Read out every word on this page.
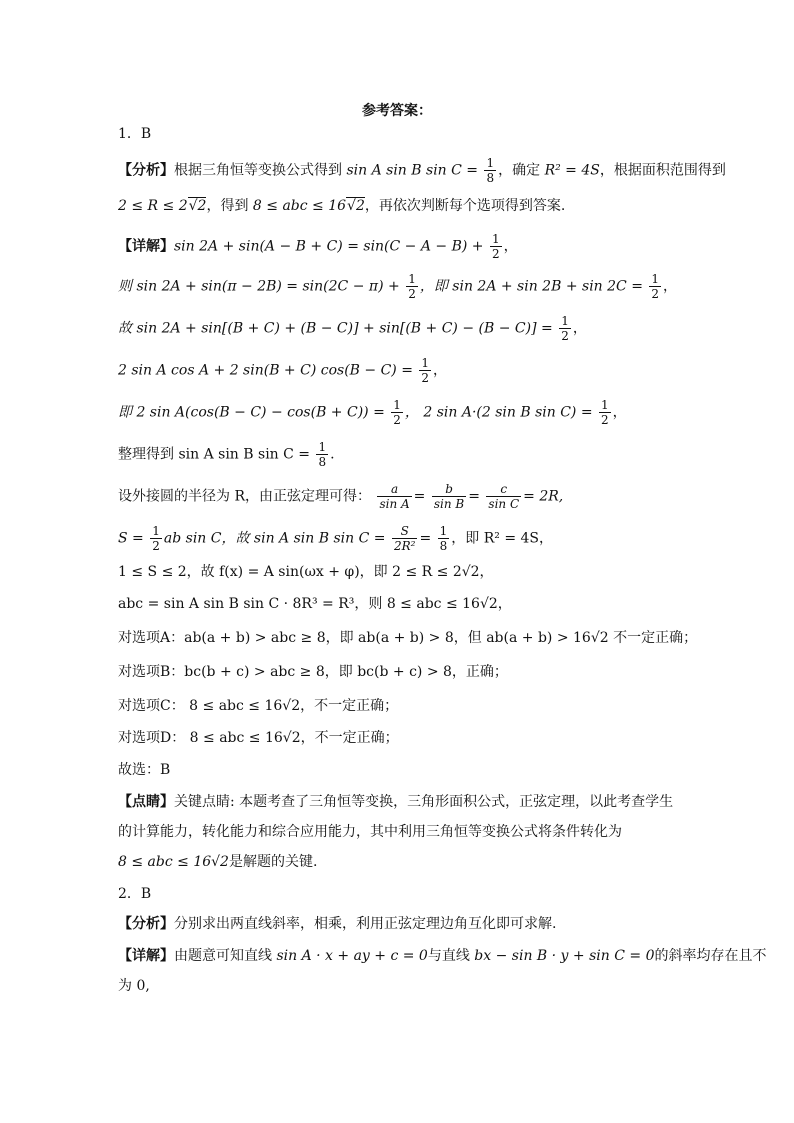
参考答案：
1．B
【分析】根据三角恒等变换公式得到 sin A sin B $\sin C = \frac{1}{8}$ ，确定 R² = 4S，根据面积范围得到
2 ≤ R ≤ 2√2，得到 8 ≤ abc ≤ 16√2，再依次判断每个选项得到答案.
【详解】$\sin 2A + \sin(A - B + C) = \sin(C - A - B) + \frac{1}{2}$ ，
则 $\sin 2A + \sin(\pi - 2B) = \sin(2C - \pi) + \frac{1}{2}$ ，即 $\sin 2A + \sin 2B + \sin 2C = \frac{1}{2}$ ，
故 $\sin 2A + \sin[(B + C) + (B - C)] + \sin[(B + C) - (B - C)] = \frac{1}{2}$ ，
2 sin A cos A + 2 sin(B + C) $\cos(B - C) = \frac{1}{2}$ ，
即 2 $\sin A(\cos(B - C) - \cos(B + C)) = \frac{1}{2}$ ， 2 sin A·(2 sin B $\sin C) = \frac{1}{2}$ ，
整理得到 sin A sin B $\sin C = \frac{1}{8}$ .
设外接圆的半径为 R，由正弦定理可得： $\frac{a}{\text{sin A}} = \frac{b}{\text{sin B}} = \frac{c}{\text{sin C}} = 2R$,
$S = \frac{1}{2}$ ab sin C，故 sin A sin B $\sin C = \frac{S}{\text{2R²}} = \frac{1}{8}$ ，即 R² = 4S，
1 ≤ S ≤ 2，故 f(x) = A sin(ωx + φ)，即 2 ≤ R ≤ 2√2，
abc = sin A sin B sin C · 8R³ = R³，则 8 ≤ abc ≤ 16√2，
对选项A：ab(a + b) > abc ≥ 8，即 ab(a + b) > 8，但 ab(a + b) > 16√2 不一定正确；
对选项B：bc(b + c) > abc ≥ 8，即 bc(b + c) > 8，正确；
对选项C： 8 ≤ abc ≤ 16√2，不一定正确；
对选项D： 8 ≤ abc ≤ 16√2，不一定正确；
故选：B
【点睛】关键点睛: 本题考查了三角恒等变换，三角形面积公式，正弦定理，以此考查学生
的计算能力，转化能力和综合应用能力，其中利用三角恒等变换公式将条件转化为
8 ≤ abc ≤ 16√2是解题的关键.
2．B
【分析】分别求出两直线斜率，相乘，利用正弦定理边角互化即可求解.
【详解】由题意可知直线 sin A · x + ay + c = 0与直线 bx − sin B · y + sin C = 0的斜率均存在且不
为 0,
